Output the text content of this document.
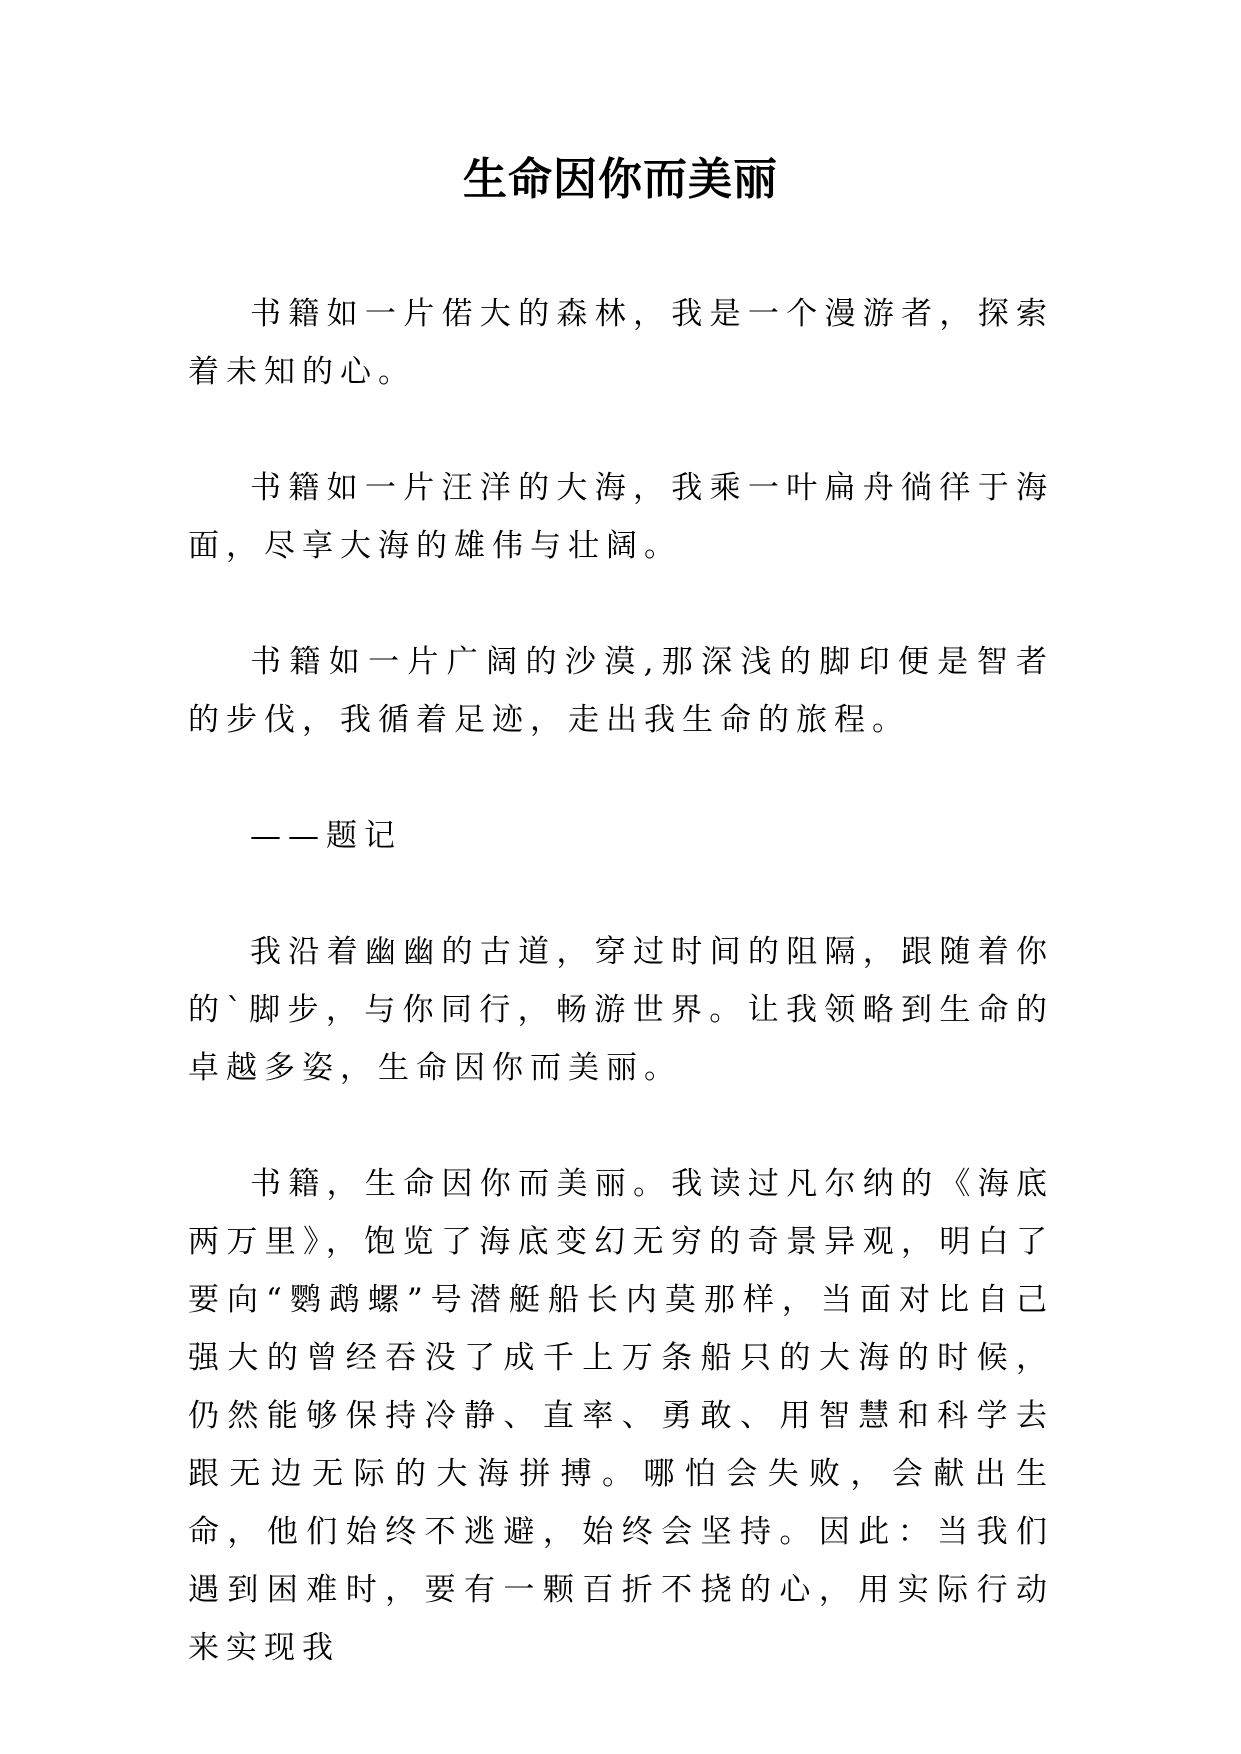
生命因你而美丽

书籍如一片偌大的森林，我是一个漫游者，探索着未知的心。

书籍如一片汪洋的大海，我乘一叶扁舟徜徉于海面，尽享大海的雄伟与壮阔。

书籍如一片广阔的沙漠,那深浅的脚印便是智者的步伐，我循着足迹，走出我生命的旅程。

——题记

我沿着幽幽的古道，穿过时间的阻隔，跟随着你的`脚步，与你同行，畅游世界。让我领略到生命的卓越多姿，生命因你而美丽。

书籍，生命因你而美丽。我读过凡尔纳的《海底两万里》，饱览了海底变幻无穷的奇景异观，明白了要向“鹦鹉螺”号潜艇船长内莫那样，当面对比自己强大的曾经吞没了成千上万条船只的大海的时候，仍然能够保持冷静、直率、勇敢、用智慧和科学去跟无边无际的大海拼搏。哪怕会失败，会献出生命，他们始终不逃避，始终会坚持。因此：当我们遇到困难时，要有一颗百折不挠的心，用实际行动来实现我
